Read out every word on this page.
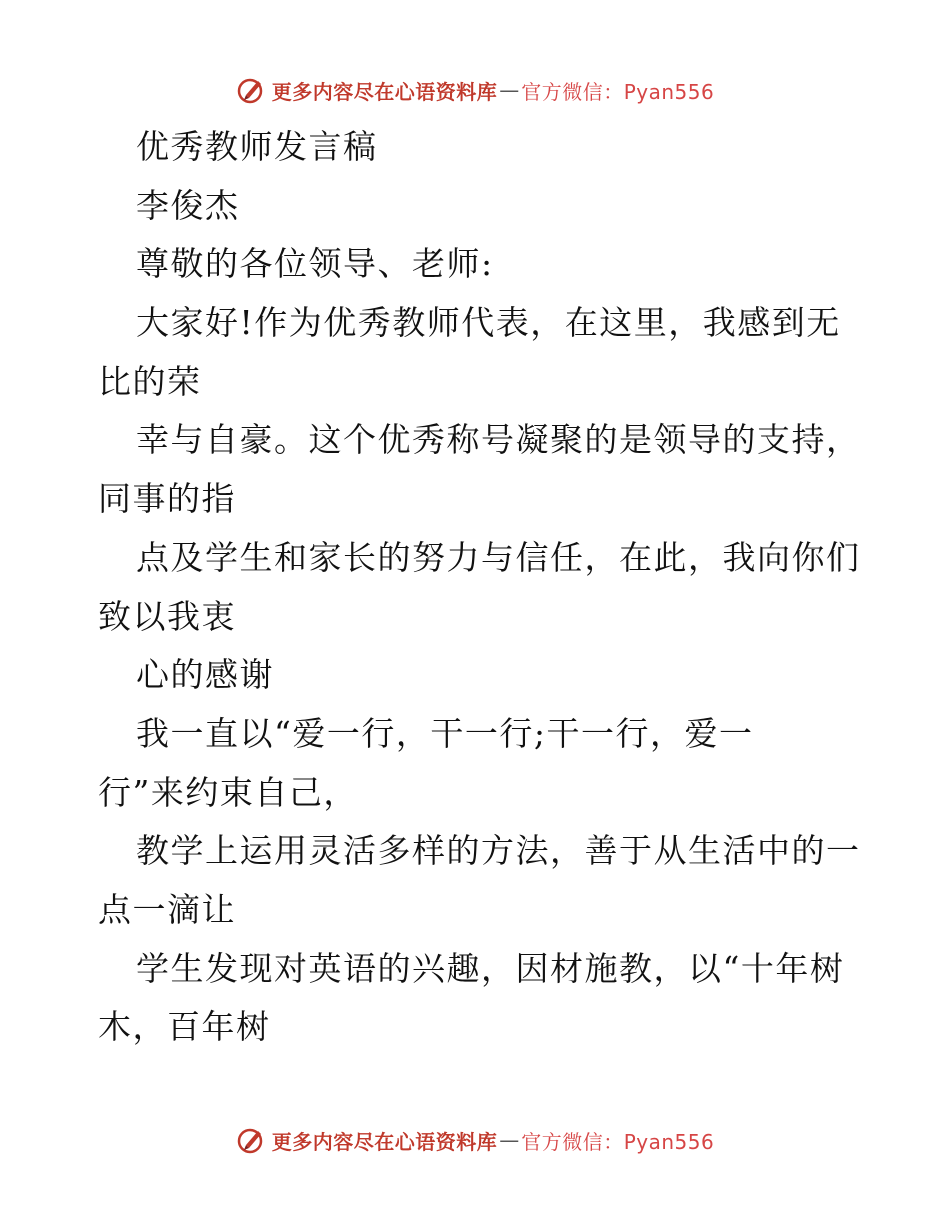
更多内容尽在心语资料库 — 官方微信：Pyan556
优秀教师发言稿
李俊杰
尊敬的各位领导、老师:
大家好!作为优秀教师代表，在这里，我感到无
比的荣
幸与自豪。这个优秀称号凝聚的是领导的支持，
同事的指
点及学生和家长的努力与信任，在此，我向你们
致以我衷
心的感谢
我一直以“爱一行，干一行;干一行，爱一
行”来约束自己，
教学上运用灵活多样的方法，善于从生活中的一
点一滴让
学生发现对英语的兴趣，因材施教，以“十年树
木，百年树
更多内容尽在心语资料库 — 官方微信：Pyan556
